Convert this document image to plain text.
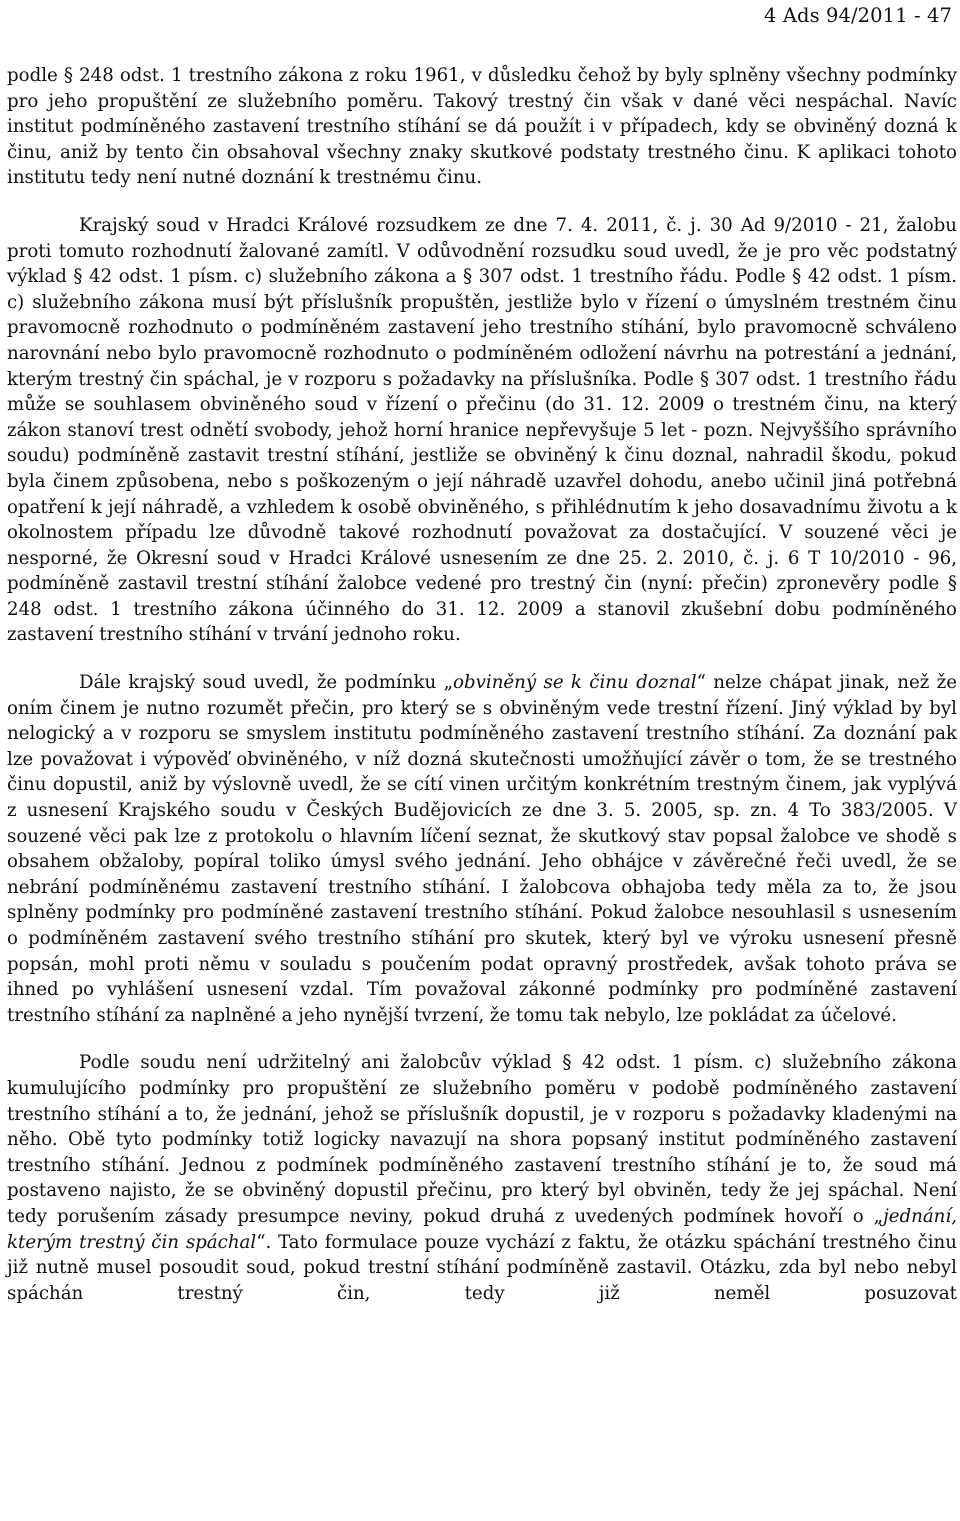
4 Ads 94/2011 - 47

podle § 248 odst. 1 trestního zákona z roku 1961, v důsledku čehož by byly splněny všechny podmínky pro jeho propuštění ze služebního poměru. Takový trestný čin však v dané věci nespáchal. Navíc institut podmíněného zastavení trestního stíhání se dá použít i v případech, kdy se obviněný dozná k činu, aniž by tento čin obsahoval všechny znaky skutkové podstaty trestného činu. K aplikaci tohoto institutu tedy není nutné doznání k trestnému činu.

Krajský soud v Hradci Králové rozsudkem ze dne 7. 4. 2011, č. j. 30 Ad 9/2010 - 21, žalobu proti tomuto rozhodnutí žalované zamítl. V odůvodnění rozsudku soud uvedl, že je pro věc podstatný výklad § 42 odst. 1 písm. c) služebního zákona a § 307 odst. 1 trestního řádu. Podle § 42 odst. 1 písm. c) služebního zákona musí být příslušník propuštěn, jestliže bylo v řízení o úmyslném trestném činu pravomocně rozhodnuto o podmíněném zastavení jeho trestního stíhání, bylo pravomocně schváleno narovnání nebo bylo pravomocně rozhodnuto o podmíněném odložení návrhu na potrestání a jednání, kterým trestný čin spáchal, je v rozporu s požadavky na příslušníka. Podle § 307 odst. 1 trestního řádu může se souhlasem obviněného soud v řízení o přečinu (do 31. 12. 2009 o trestném činu, na který zákon stanoví trest odnětí svobody, jehož horní hranice nepřevyšuje 5 let - pozn. Nejvyššího správního soudu) podmíněně zastavit trestní stíhání, jestliže se obviněný k činu doznal, nahradil škodu, pokud byla činem způsobena, nebo s poškozeným o její náhradě uzavřel dohodu, anebo učinil jiná potřebná opatření k její náhradě, a vzhledem k osobě obviněného, s přihlédnutím k jeho dosavadnímu životu a k okolnostem případu lze důvodně takové rozhodnutí považovat za dostačující. V souzené věci je nesporné, že Okresní soud v Hradci Králové usnesením ze dne 25. 2. 2010, č. j. 6 T 10/2010 - 96, podmíněně zastavil trestní stíhání žalobce vedené pro trestný čin (nyní: přečin) zpronevěry podle § 248 odst. 1 trestního zákona účinného do 31. 12. 2009 a stanovil zkušební dobu podmíněného zastavení trestního stíhání v trvání jednoho roku.

Dále krajský soud uvedl, že podmínku „obviněný se k činu doznal“ nelze chápat jinak, než že oním činem je nutno rozumět přečin, pro který se s obviněným vede trestní řízení. Jiný výklad by byl nelogický a v rozporu se smyslem institutu podmíněného zastavení trestního stíhání. Za doznání pak lze považovat i výpověď obviněného, v níž dozná skutečnosti umožňující závěr o tom, že se trestného činu dopustil, aniž by výslovně uvedl, že se cítí vinen určitým konkrétním trestným činem, jak vyplývá z usnesení Krajského soudu v Českých Budějovicích ze dne 3. 5. 2005, sp. zn. 4 To 383/2005. V souzené věci pak lze z protokolu o hlavním líčení seznat, že skutkový stav popsal žalobce ve shodě s obsahem obžaloby, popíral toliko úmysl svého jednání. Jeho obhájce v závěrečné řeči uvedl, že se nebrání podmíněnému zastavení trestního stíhání. I žalobcova obhajoba tedy měla za to, že jsou splněny podmínky pro podmíněné zastavení trestního stíhání. Pokud žalobce nesouhlasil s usnesením o podmíněném zastavení svého trestního stíhání pro skutek, který byl ve výroku usnesení přesně popsán, mohl proti němu v souladu s poučením podat opravný prostředek, avšak tohoto práva se ihned po vyhlášení usnesení vzdal. Tím považoval zákonné podmínky pro podmíněné zastavení trestního stíhání za naplněné a jeho nynější tvrzení, že tomu tak nebylo, lze pokládat za účelové.

Podle soudu není udržitelný ani žalobcův výklad § 42 odst. 1 písm. c) služebního zákona kumulujícího podmínky pro propuštění ze služebního poměru v podobě podmíněného zastavení trestního stíhání a to, že jednání, jehož se příslušník dopustil, je v rozporu s požadavky kladenými na něho. Obě tyto podmínky totiž logicky navazují na shora popsaný institut podmíněného zastavení trestního stíhání. Jednou z podmínek podmíněného zastavení trestního stíhání je to, že soud má postaveno najisto, že se obviněný dopustil přečinu, pro který byl obviněn, tedy že jej spáchal. Není tedy porušením zásady presumpce neviny, pokud druhá z uvedených podmínek hovoří o „jednání, kterým trestný čin spáchal“. Tato formulace pouze vychází z faktu, že otázku spáchání trestného činu již nutně musel posoudit soud, pokud trestní stíhání podmíněně zastavil. Otázku, zda byl nebo nebyl spáchán trestný čin, tedy již neměl posuzovat
